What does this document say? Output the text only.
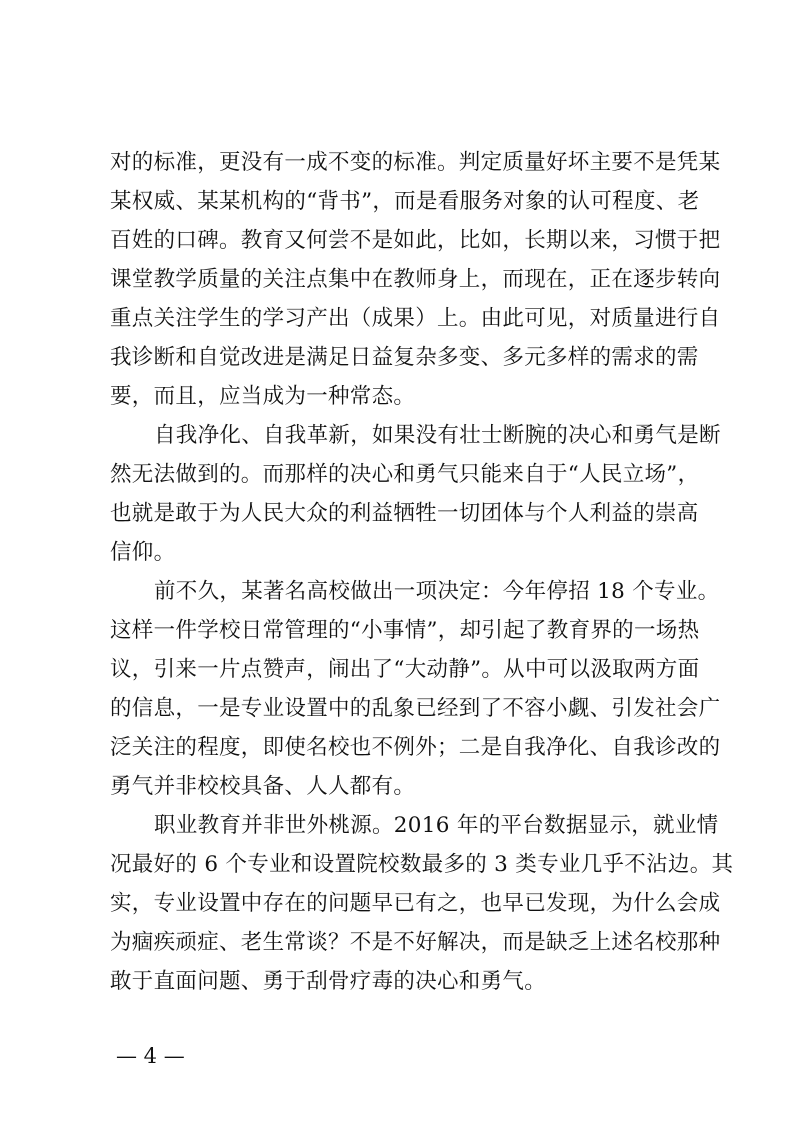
对的标准，更没有一成不变的标准。判定质量好坏主要不是凭某
某权威、某某机构的“背书”，而是看服务对象的认可程度、老
百姓的口碑。教育又何尝不是如此，比如，长期以来，习惯于把
课堂教学质量的关注点集中在教师身上，而现在，正在逐步转向
重点关注学生的学习产出（成果）上。由此可见，对质量进行自
我诊断和自觉改进是满足日益复杂多变、多元多样的需求的需
要，而且，应当成为一种常态。
自我净化、自我革新，如果没有壮士断腕的决心和勇气是断
然无法做到的。而那样的决心和勇气只能来自于“人民立场”，
也就是敢于为人民大众的利益牺牲一切团体与个人利益的崇高
信仰。
前不久，某著名高校做出一项决定：今年停招 18 个专业。
这样一件学校日常管理的“小事情”，却引起了教育界的一场热
议，引来一片点赞声，闹出了“大动静”。从中可以汲取两方面
的信息，一是专业设置中的乱象已经到了不容小觑、引发社会广
泛关注的程度，即使名校也不例外；二是自我净化、自我诊改的
勇气并非校校具备、人人都有。
职业教育并非世外桃源。2016 年的平台数据显示，就业情
况最好的 6 个专业和设置院校数最多的 3 类专业几乎不沾边。其
实，专业设置中存在的问题早已有之，也早已发现，为什么会成
为痼疾顽症、老生常谈？不是不好解决，而是缺乏上述名校那种
敢于直面问题、勇于刮骨疗毒的决心和勇气。
— 4 —
